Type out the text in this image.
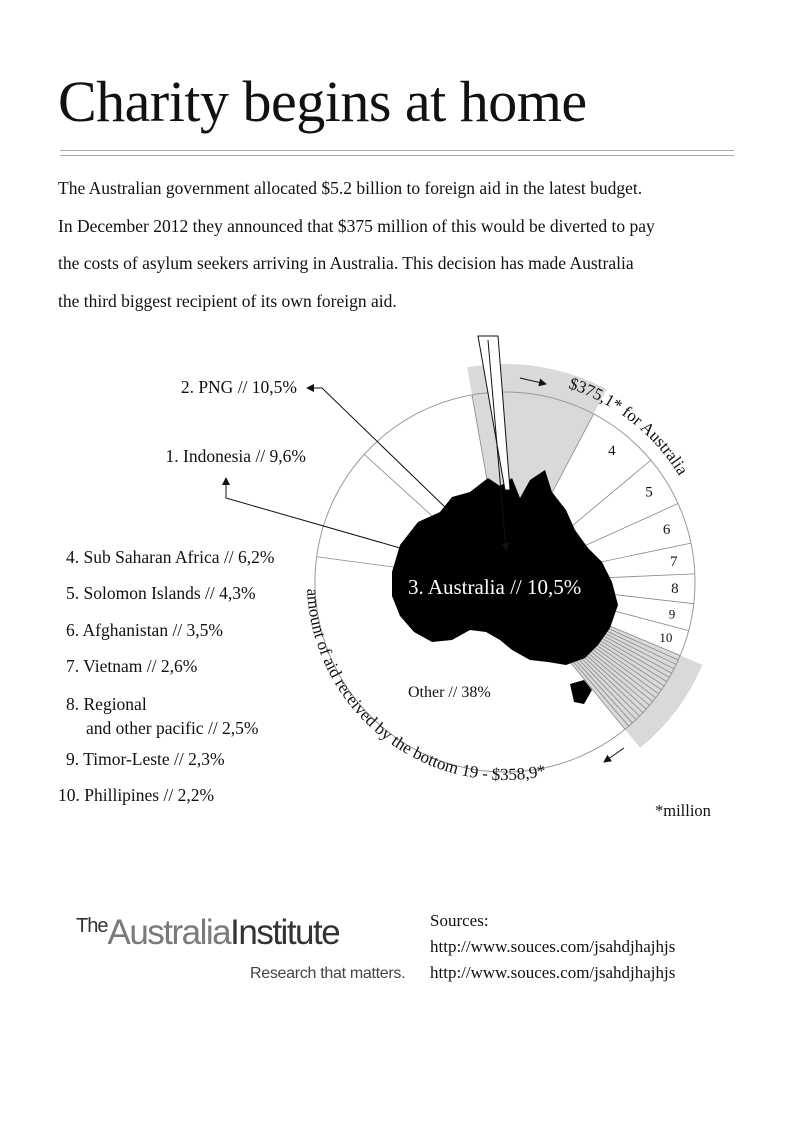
Charity begins at home

The Australian government allocated $5.2 billion to foreign aid in the latest budget.

In December 2012 they announced that $375 million of this would be diverted to pay

the costs of asylum seekers arriving in Australia. This decision has made Australia

the third biggest recipient of its own foreign aid.

Other // 38%
3. Australia // 10,5%
$375,1* for Australia
amount of aid received by the bottom 19 - $358,9*
4
5
6
7
8
9
10
2. PNG // 10,5%
1. Indonesia // 9,6%
4. Sub Saharan Africa // 6,2%
5. Solomon Islands // 4,3%
6. Afghanistan // 3,5%
7. Vietnam // 2,6%
8. Regional
and other pacific // 2,5%
9. Timor-Leste // 2,3%
10. Phillipines // 2,2%
*million
$^{The}$AustraliaInstitute
Research that matters.
Sources:
http://www.souces.com/jsahdjhajhjs
http://www.souces.com/jsahdjhajhjs
